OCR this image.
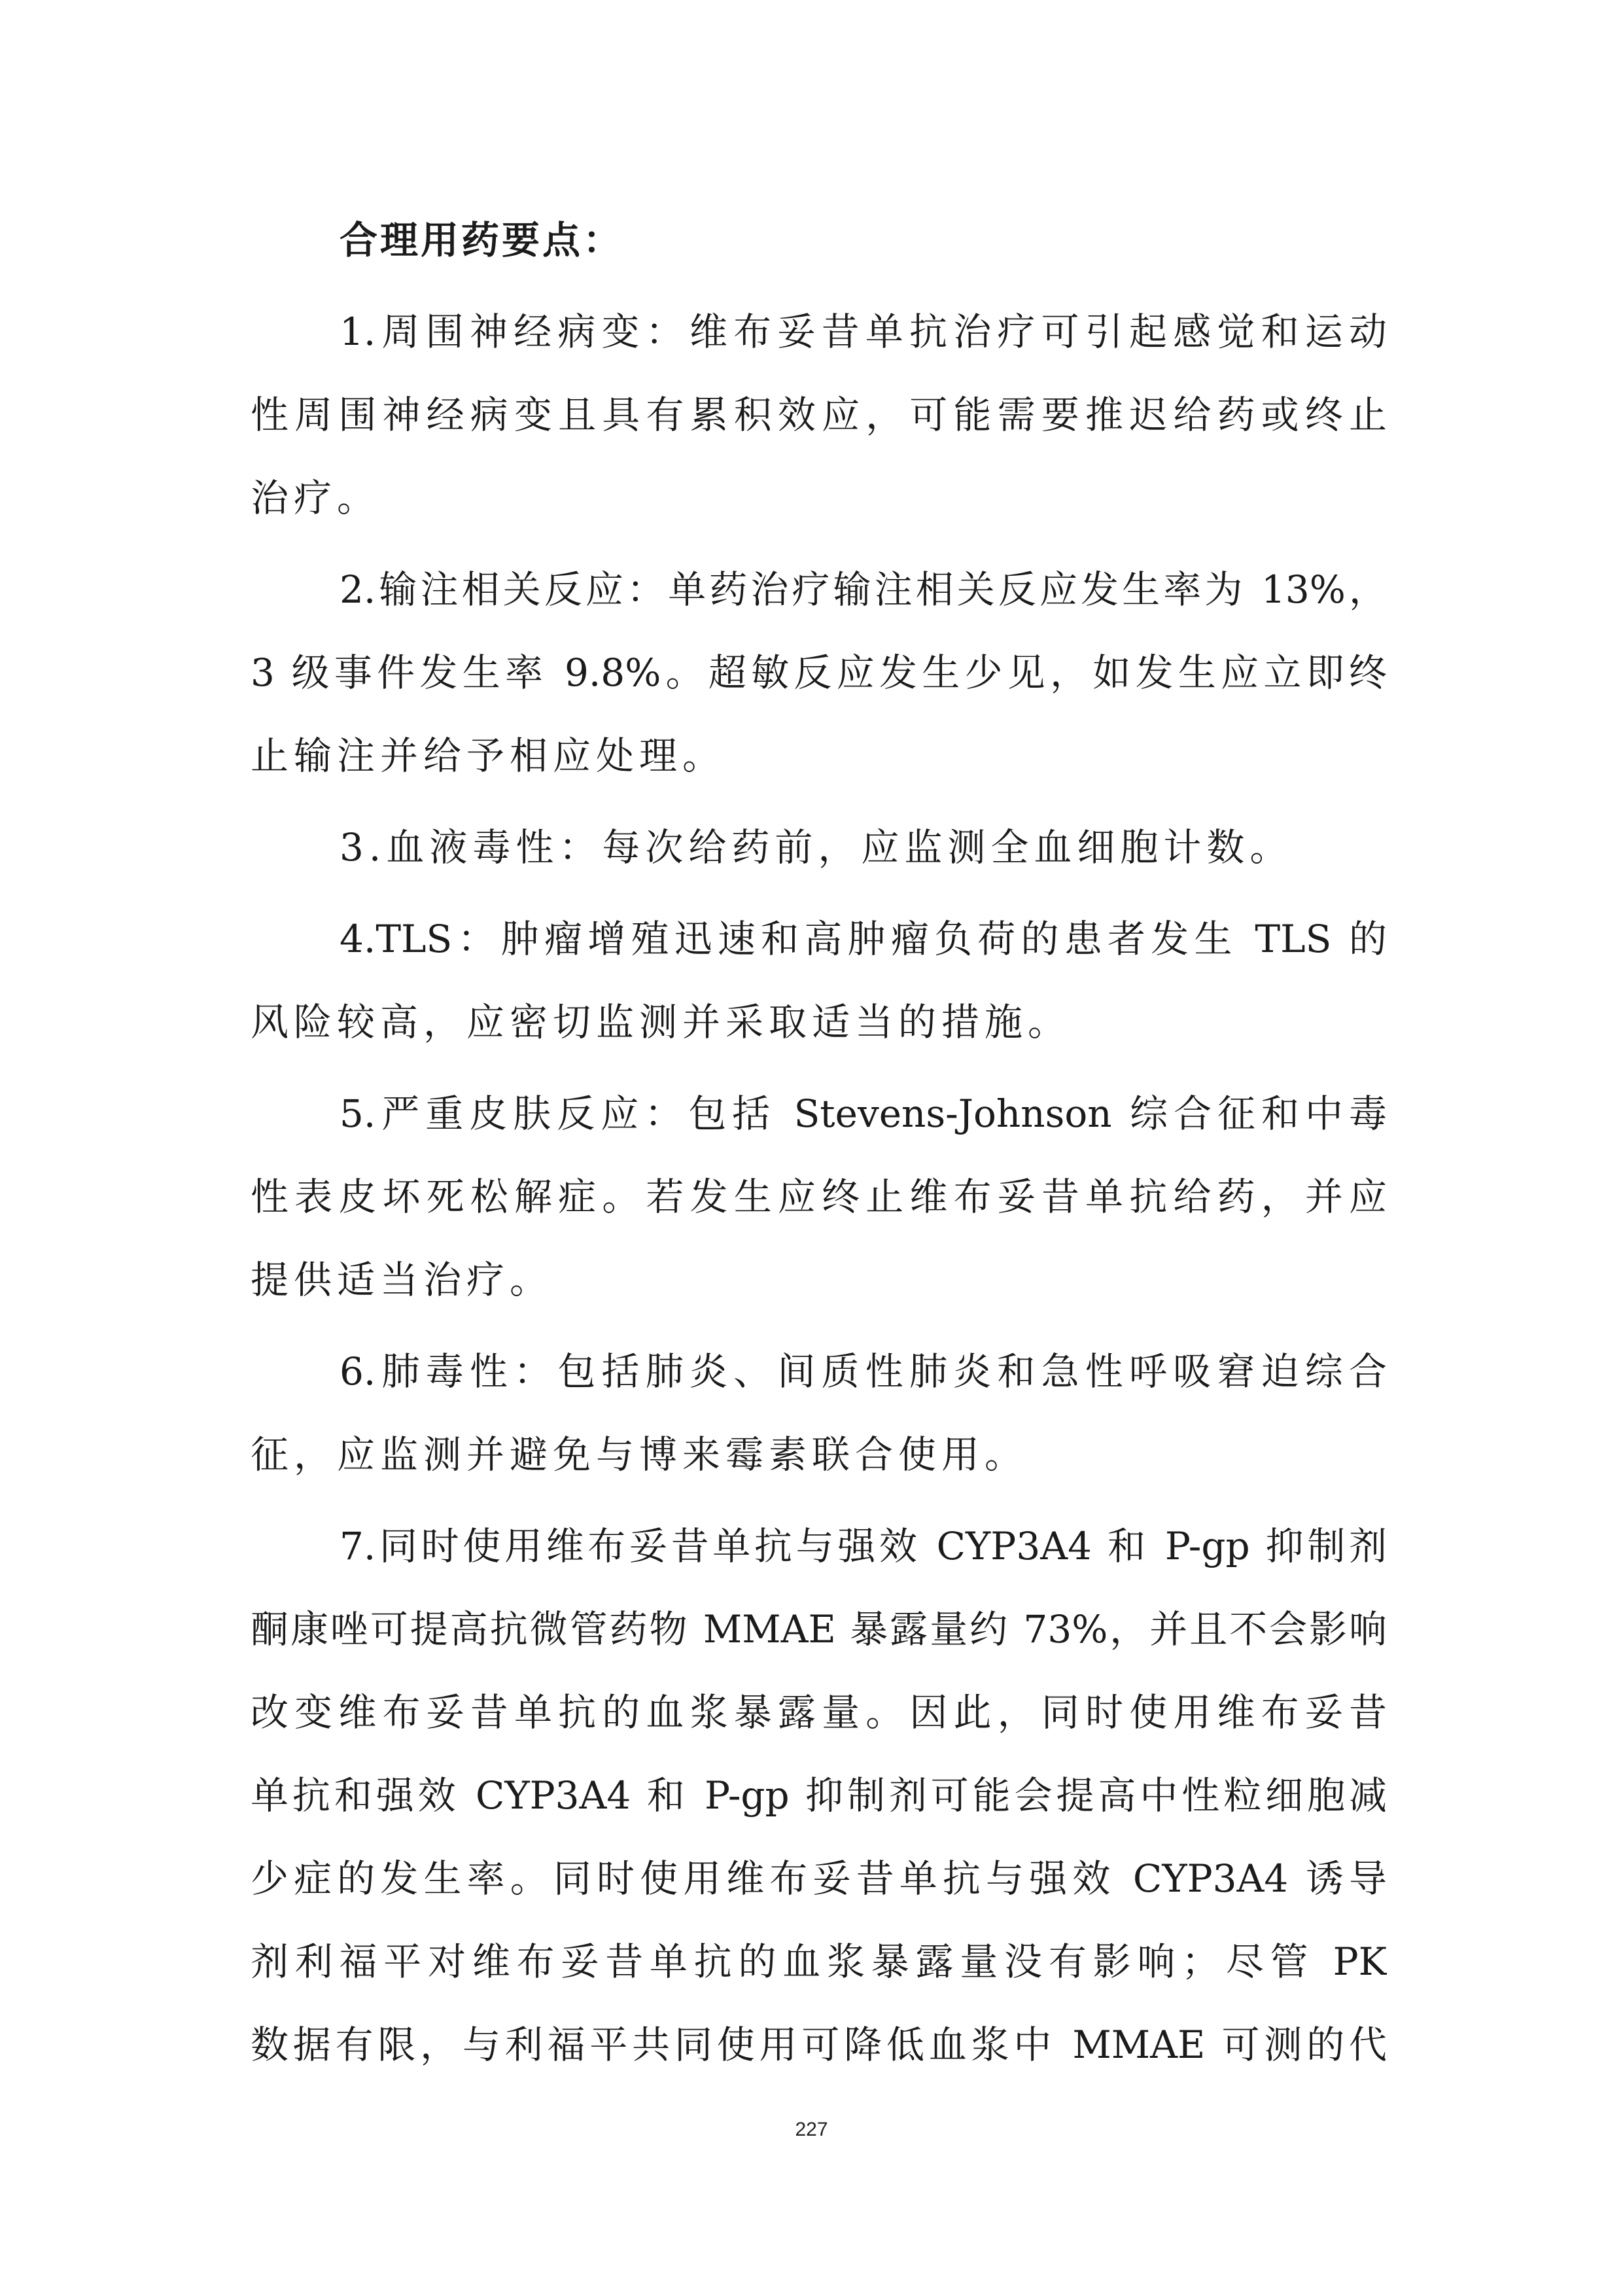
合理用药要点：
1.周围神经病变：维布妥昔单抗治疗可引起感觉和运动
性周围神经病变且具有累积效应，可能需要推迟给药或终止
治疗。
2.输注相关反应：单药治疗输注相关反应发生率为 13%，
3 级事件发生率 9.8%。超敏反应发生少见，如发生应立即终
止输注并给予相应处理。
3.血液毒性：每次给药前，应监测全血细胞计数。
4.TLS：肿瘤增殖迅速和高肿瘤负荷的患者发生 TLS 的
风险较高，应密切监测并采取适当的措施。
5.严重皮肤反应：包括 Stevens-Johnson 综合征和中毒
性表皮坏死松解症。若发生应终止维布妥昔单抗给药，并应
提供适当治疗。
6.肺毒性：包括肺炎、间质性肺炎和急性呼吸窘迫综合
征，应监测并避免与博来霉素联合使用。
7.同时使用维布妥昔单抗与强效 CYP3A4 和 P-gp 抑制剂
酮康唑可提高抗微管药物 MMAE 暴露量约 73%，并且不会影响
改变维布妥昔单抗的血浆暴露量。因此，同时使用维布妥昔
单抗和强效 CYP3A4 和 P-gp 抑制剂可能会提高中性粒细胞减
少症的发生率。同时使用维布妥昔单抗与强效 CYP3A4 诱导
剂利福平对维布妥昔单抗的血浆暴露量没有影响；尽管 PK
数据有限，与利福平共同使用可降低血浆中 MMAE 可测的代
227
